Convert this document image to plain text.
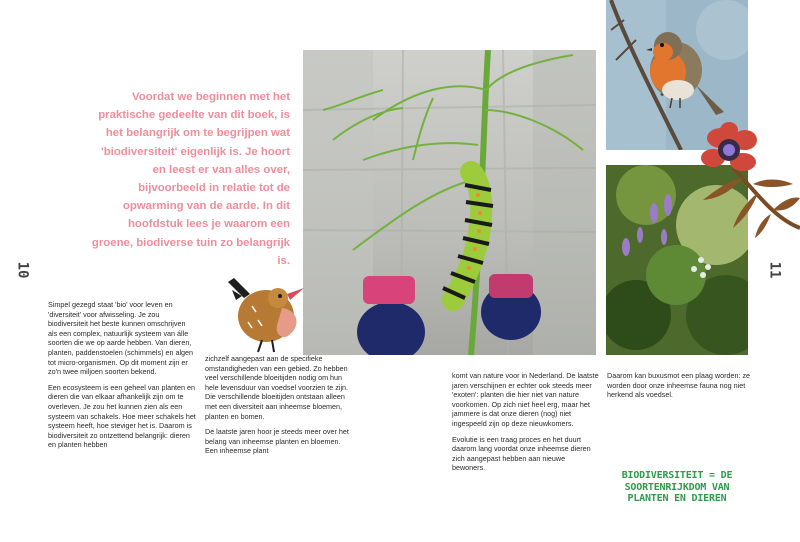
Voordat we beginnen met het praktische gedeelte van dit boek, is het belangrijk om te begrijpen wat 'biodiversiteit' eigenlijk is. Je hoort en leest er van alles over, bijvoorbeeld in relatie tot de opwarming van de aarde. In dit hoofdstuk lees je waarom een groene, biodiverse tuin zo belangrijk is.

10	11

Simpel gezegd staat 'bio' voor leven en 'diversiteit' voor afwisseling. Je zou biodiversiteit het beste kunnen omschrijven als een complex, natuurlijk systeem van álle soorten die we op aarde hebben. Van dieren, planten, paddenstoelen (schimmels) en algen tot micro-organismen. Op dit moment zijn er zo'n twee miljoen soorten bekend.

Een ecosysteem is een geheel van planten en dieren die van elkaar afhankelijk zijn om te overleven. Je zou het kunnen zien als een systeem van schakels. Hoe meer schakels het systeem heeft, hoe steviger het is. Daarom is biodiversiteit zo ontzettend belangrijk: dieren en planten hebben

zichzelf aangepast aan de specifieke omstandigheden van een gebied. Zo hebben veel verschillende bloeitijden nodig om hun hele levensduur van voedsel voorzien te zijn. Die verschillende bloeitijden ontstaan alleen met een diversiteit aan inheemse bloemen, planten en bomen.

De laatste jaren hoor je steeds meer over het belang van inheemse planten en bloemen. Een inheemse plant

komt van nature voor in Nederland. De laatste jaren verschijnen er echter ook steeds meer 'exoten': planten die hier niet van nature voorkomen. Op zich niet heel erg, maar het jammere is dat onze dieren (nog) niet ingespeeld zijn op deze nieuwkomers.

Evolutie is een traag proces en het duurt daarom lang voordat onze inheemse dieren zich aangepast hebben aan nieuwe bewoners.

Daarom kan buxusmot een plaag worden: ze worden door onze inheemse fauna nog niet herkend als voedsel.

BIODIVERSITEIT = DE SOORTENRIJKDOM VAN PLANTEN EN DIEREN
